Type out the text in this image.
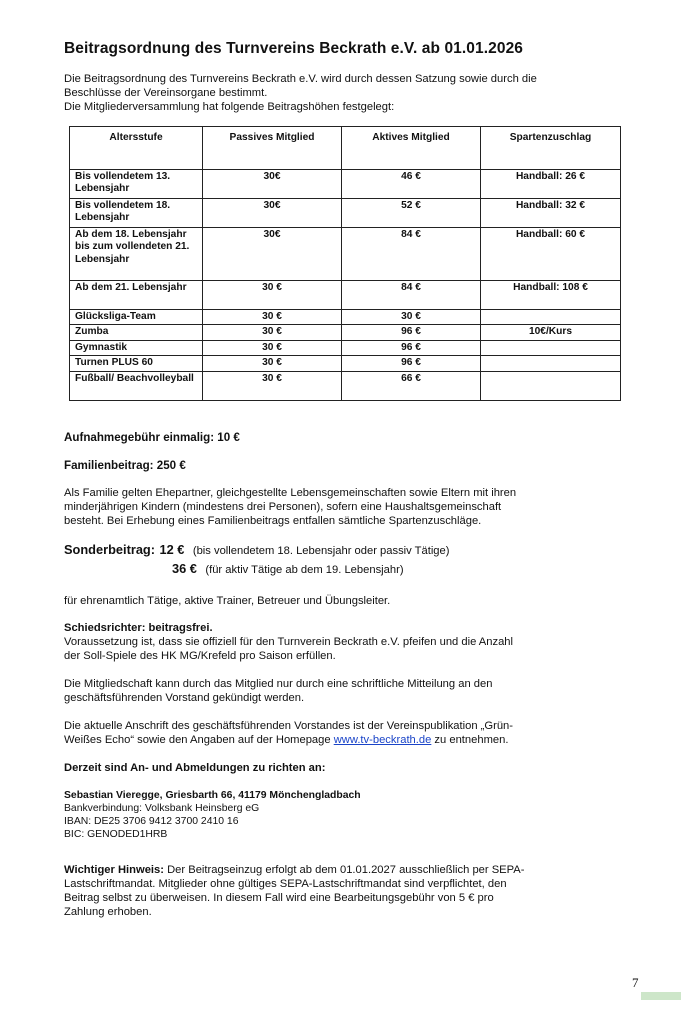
Beitragsordnung des Turnvereins Beckrath e.V. ab 01.01.2026

Die Beitragsordnung des Turnvereins Beckrath e.V. wird durch dessen Satzung sowie durch die

Beschlüsse der Vereinsorgane bestimmt.

Die Mitgliederversammlung hat folgende Beitragshöhen festgelegt:

Altersstufe	Passives Mitglied	Aktives Mitglied	Spartenzuschlag
Bis vollendetem 13. Lebensjahr	30€	46 €	Handball: 26 €
Bis vollendetem 18. Lebensjahr	30€	52 €	Handball: 32 €
Ab dem 18. Lebensjahr bis zum vollendeten 21. Lebensjahr	30€	84 €	Handball: 60 €
Ab dem 21. Lebensjahr	30 €	84 €	Handball: 108 €
Glücksliga-Team	30 €	30 €	
Zumba	30 €	96 €	10€/Kurs
Gymnastik	30 €	96 €	
Turnen PLUS 60	30 €	96 €	
Fußball/ Beachvolleyball	30 €	66 €	

Aufnahmegebühr einmalig: 10 €

Familienbeitrag: 250 €

Als Familie gelten Ehepartner, gleichgestellte Lebensgemeinschaften sowie Eltern mit ihren

minderjährigen Kindern (mindestens drei Personen), sofern eine Haushaltsgemeinschaft

besteht. Bei Erhebung eines Familienbeitrags entfallen sämtliche Spartenzuschläge.

Sonderbeitrag: 12 € (bis vollendetem 18. Lebensjahr oder passiv Tätige)
36 € (für aktiv Tätige ab dem 19. Lebensjahr)

für ehrenamtlich Tätige, aktive Trainer, Betreuer und Übungsleiter.

Schiedsrichter: beitragsfrei.

Voraussetzung ist, dass sie offiziell für den Turnverein Beckrath e.V. pfeifen und die Anzahl

der Soll-Spiele des HK MG/Krefeld pro Saison erfüllen.

Die Mitgliedschaft kann durch das Mitglied nur durch eine schriftliche Mitteilung an den

geschäftsführenden Vorstand gekündigt werden.

Die aktuelle Anschrift des geschäftsführenden Vorstandes ist der Vereinspublikation „Grün-

Weißes Echo“ sowie den Angaben auf der Homepage www.tv-beckrath.de zu entnehmen.

Derzeit sind An- und Abmeldungen zu richten an:

Sebastian Vieregge, Griesbarth 66, 41179 Mönchengladbach
Bankverbindung: Volksbank Heinsberg eG
IBAN: DE25 3706 9412 3700 2410 16
BIC: GENODED1HRB

Wichtiger Hinweis: Der Beitragseinzug erfolgt ab dem 01.01.2027 ausschließlich per SEPA-

Lastschriftmandat. Mitglieder ohne gültiges SEPA-Lastschriftmandat sind verpflichtet, den

Beitrag selbst zu überweisen. In diesem Fall wird eine Bearbeitungsgebühr von 5 € pro

Zahlung erhoben.

7
